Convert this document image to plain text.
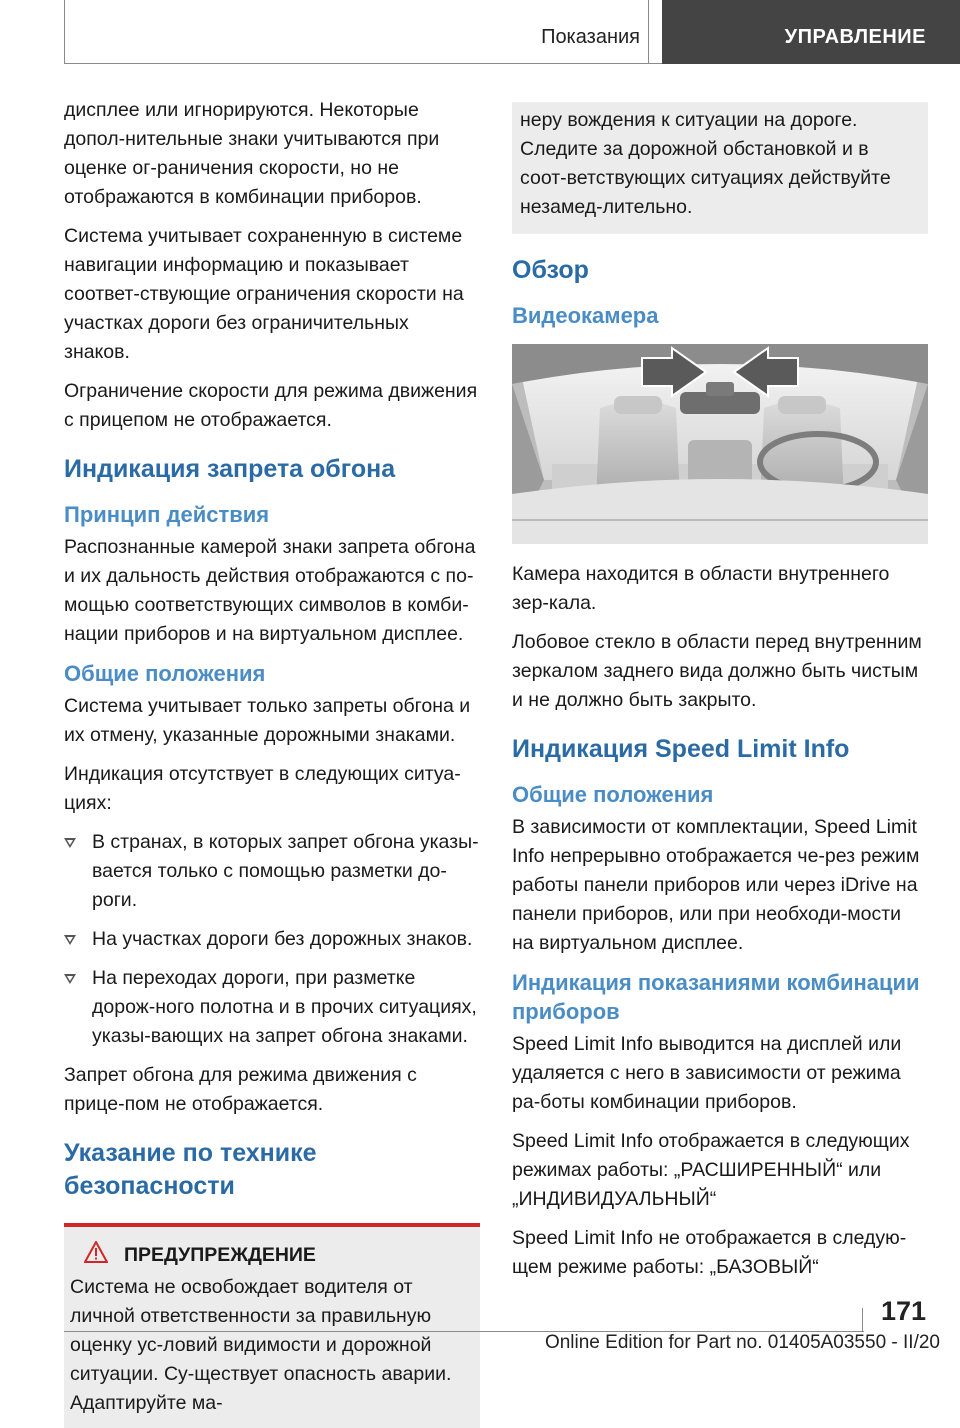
Показания	УПРАВЛЕНИЕ

дисплее или игнорируются. Некоторые допол-нительные знаки учитываются при оценке ог-раничения скорости, но не отображаются в комбинации приборов.

Система учитывает сохраненную в системе навигации информацию и показывает соответ-ствующие ограничения скорости на участках дороги без ограничительных знаков.

Ограничение скорости для режима движения с прицепом не отображается.

Индикация запрета обгона
Принцип действия

Распознанные камерой знаки запрета обгона и их дальность действия отображаются с по-мощью соответствующих символов в комби-нации приборов и на виртуальном дисплее.

Общие положения

Система учитывает только запреты обгона и их отмену, указанные дорожными знаками.

Индикация отсутствует в следующих ситуа-циях:

В странах, в которых запрет обгона указы-вается только с помощью разметки до-роги.
На участках дороги без дорожных знаков.
На переходах дороги, при разметке дорож-ного полотна и в прочих ситуациях, указы-вающих на запрет обгона знаками.

Запрет обгона для режима движения с прице-пом не отображается.

Указание по технике безопасности
ПРЕДУПРЕЖДЕНИЕ

Система не освобождает водителя от личной ответственности за правильную оценку ус-ловий видимости и дорожной ситуации. Су-ществует опасность аварии. Адаптируйте ма-

неру вождения к ситуации на дороге. Следите за дорожной обстановкой и в соот-ветствующих ситуациях действуйте незамед-лительно.

Обзор
Видеокамера

Камера находится в области внутреннего зер-кала.

Лобовое стекло в области перед внутренним зеркалом заднего вида должно быть чистым и не должно быть закрыто.

Индикация Speed Limit Info
Общие положения

В зависимости от комплектации, Speed Limit Info непрерывно отображается че-рез режим работы панели приборов или через iDrive на панели приборов, или при необходи-мости на виртуальном дисплее.

Индикация показаниями комбинации приборов

Speed Limit Info выводится на дисплей или удаляется с него в зависимости от режима ра-боты комбинации приборов.

Speed Limit Info отображается в следующих режимах работы: „РАСШИРЕННЫЙ“ или „ИНДИВИДУАЛЬНЫЙ“

Speed Limit Info не отображается в следую-щем режиме работы: „БАЗОВЫЙ“

171
Online Edition for Part no. 01405A03550 - II/20
